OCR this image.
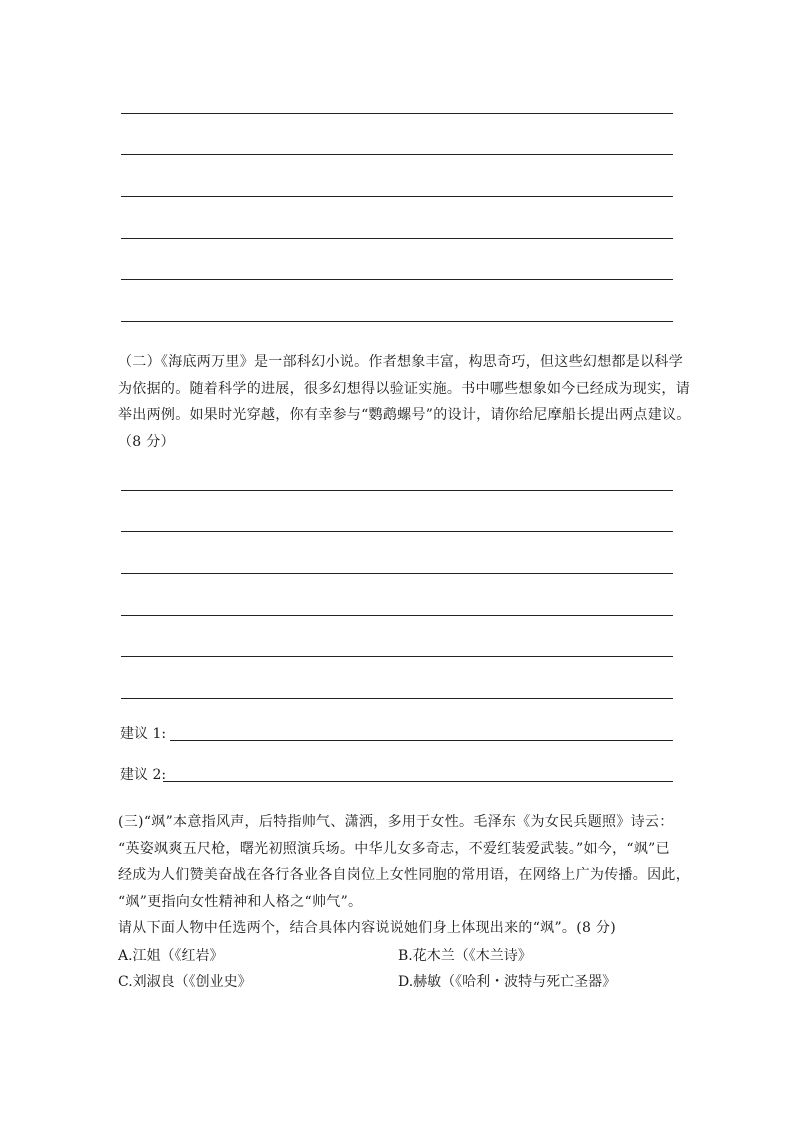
（二）《海底两万里》是一部科幻小说。作者想象丰富，构思奇巧，但这些幻想都是以科学
为依据的。随着科学的进展，很多幻想得以验证实施。书中哪些想象如今已经成为现实，请
举出两例。如果时光穿越，你有幸参与“鹦鹉螺号”的设计，请你给尼摩船长提出两点建议。
（8 分）
建议 1:
建议 2:
(三)“飒”本意指风声，后特指帅气、潇洒，多用于女性。毛泽东《为女民兵题照》诗云：
“英姿飒爽五尺枪，曙光初照演兵场。中华儿女多奇志，不爱红装爱武装。”如今，“飒”已
经成为人们赞美奋战在各行各业各自岗位上女性同胞的常用语，在网络上广为传播。因此，
“飒”更指向女性精神和人格之“帅气”。
请从下面人物中任选两个，结合具体内容说说她们身上体现出来的“飒”。(8 分)
A.江姐（《红岩》	B.花木兰（《木兰诗》
C.刘淑良（《创业史》	D.赫敏（《哈利・波特与死亡圣器》
